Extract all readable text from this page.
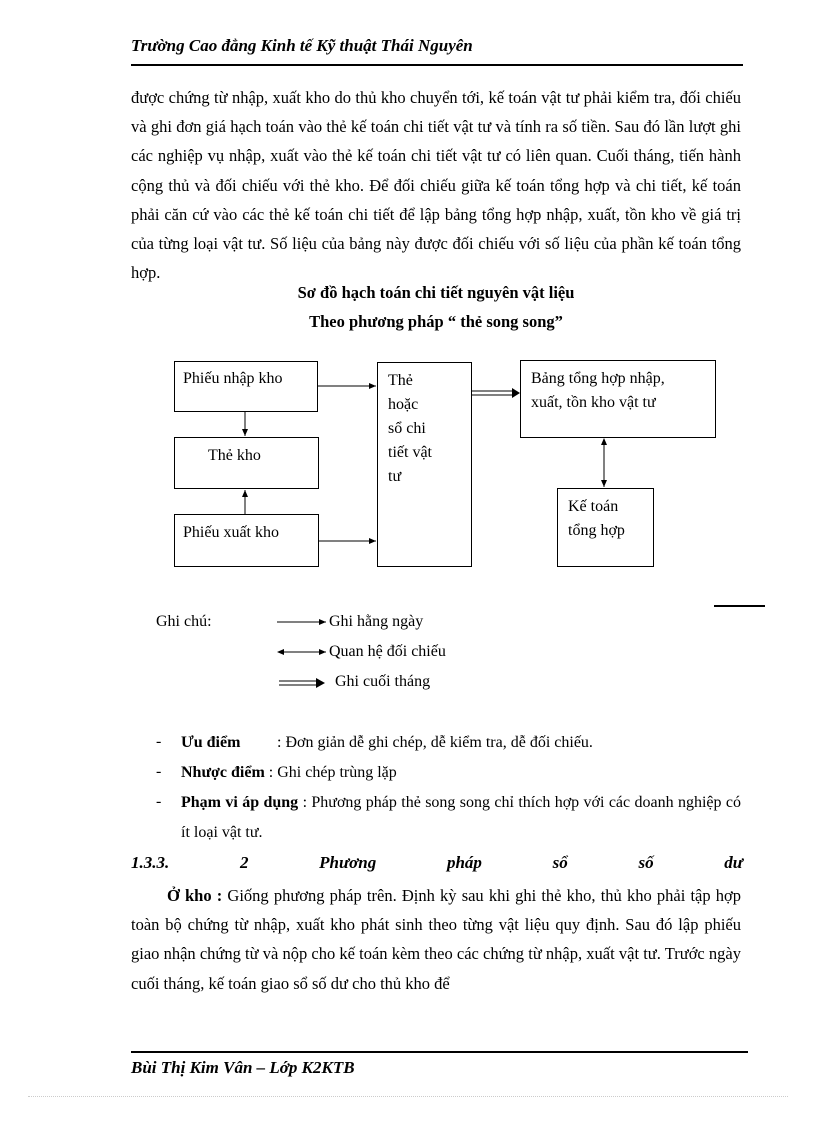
Trường Cao đẳng Kinh tế Kỹ thuật Thái Nguyên
được chứng từ nhập, xuất kho do thủ kho chuyển tới, kế toán vật tư phải kiểm tra, đối chiếu và ghi đơn giá hạch toán vào thẻ kế toán chi tiết vật tư và tính ra số tiền. Sau đó lần lượt ghi các nghiệp vụ nhập, xuất vào thẻ kế toán chi tiết vật tư có liên quan. Cuối tháng, tiến hành cộng thủ và đối chiếu với thẻ kho. Để đối chiếu giữa kế toán tổng hợp và chi tiết, kế toán phải căn cứ vào các thẻ kế toán chi tiết để lập bảng tổng hợp nhập, xuất, tồn kho về giá trị của từng loại vật tư. Số liệu của bảng này được đối chiếu với số liệu của phần kế toán tổng hợp.
Sơ đồ hạch toán chi tiết nguyên vật liệu
Theo phương pháp “ thẻ song song”
Phiếu nhập kho
Thẻ kho
Phiếu xuất kho
Thẻ
hoặc
sổ chi
tiết vật
tư
Bảng tổng hợp nhập,
xuất, tồn kho vật tư
Kế toán
tổng hợp
Ghi chú:	Ghi hằng ngày
Quan hệ đối chiếu
Ghi cuối tháng
- Ưu điểm : Đơn giản dễ ghi chép, dễ kiểm tra, dễ đối chiếu.
- Nhược điểm : Ghi chép trùng lặp
- Phạm vi áp dụng : Phương pháp thẻ song song chỉ thích hợp với các doanh nghiệp có ít loại vật tư.
1.3.3.	2	Phương	pháp	sổ	số	dư
Ở kho : Giống phương pháp trên. Định kỳ sau khi ghi thẻ kho, thủ kho phải tập hợp toàn bộ chứng từ nhập, xuất kho phát sinh theo từng vật liệu quy định. Sau đó lập phiếu giao nhận chứng từ và nộp cho kế toán kèm theo các chứng từ nhập, xuất vật tư. Trước ngày cuối tháng, kế toán giao sổ số dư cho thủ kho để
Bùi Thị Kim Vân – Lớp K2KTB
